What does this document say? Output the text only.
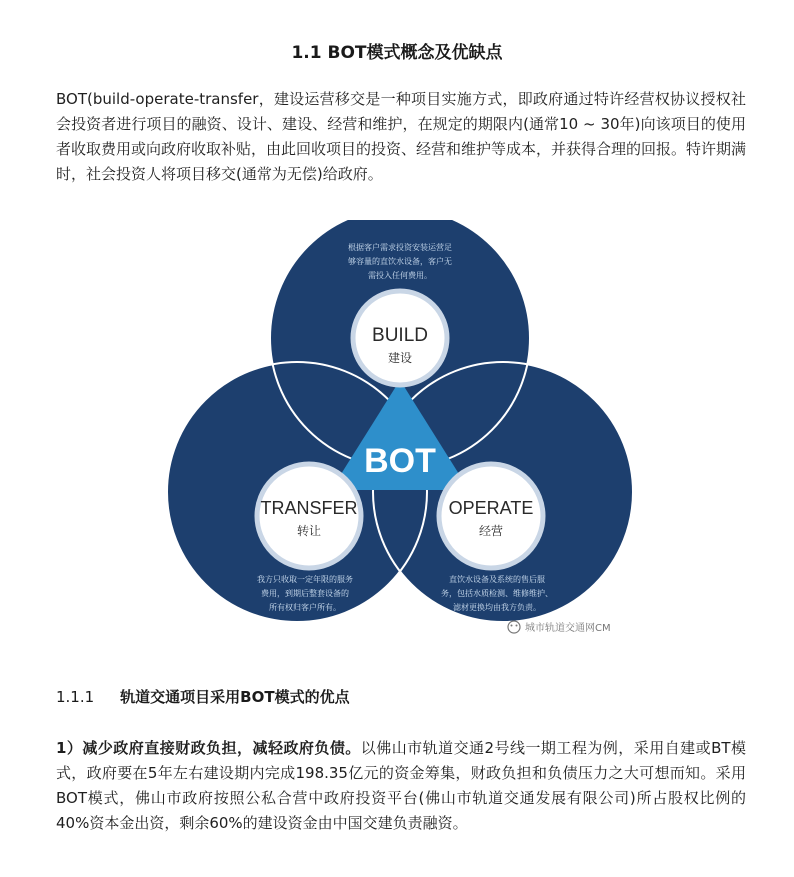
1.1 BOT模式概念及优缺点

BOT(build-operate-transfer，建设运营移交是一种项目实施方式，即政府通过特许经营权协议授权社会投资者进行项目的融资、设计、建设、经营和维护，在规定的期限内(通常10 ~ 30年)向该项目的使用者收取费用或向政府收取补贴，由此回收项目的投资、经营和维护等成本，并获得合理的回报。特许期满时，社会投资人将项目移交(通常为无偿)给政府。

BOT
BUILD
建设
根据客户需求投资安装运营足
够容量的直饮水设备，客户无
需投入任何费用。
TRANSFER
转让
我方只收取一定年限的服务
费用，到期后整套设备的
所有权归客户所有。
OPERATE
经营
直饮水设备及系统的售后服
务，包括水质检测、维修维护、
滤材更换均由我方负责。
城市轨道交通网CM
1.1.1 轨道交通项目采用BOT模式的优点

1）减少政府直接财政负担，减轻政府负债。以佛山市轨道交通2号线一期工程为例，采用自建或BT模式，政府要在5年左右建设期内完成198.35亿元的资金筹集，财政负担和负债压力之大可想而知。采用BOT模式，佛山市政府按照公私合营中政府投资平台(佛山市轨道交通发展有限公司)所占股权比例的40%资本金出资，剩余60%的建设资金由中国交建负责融资。
